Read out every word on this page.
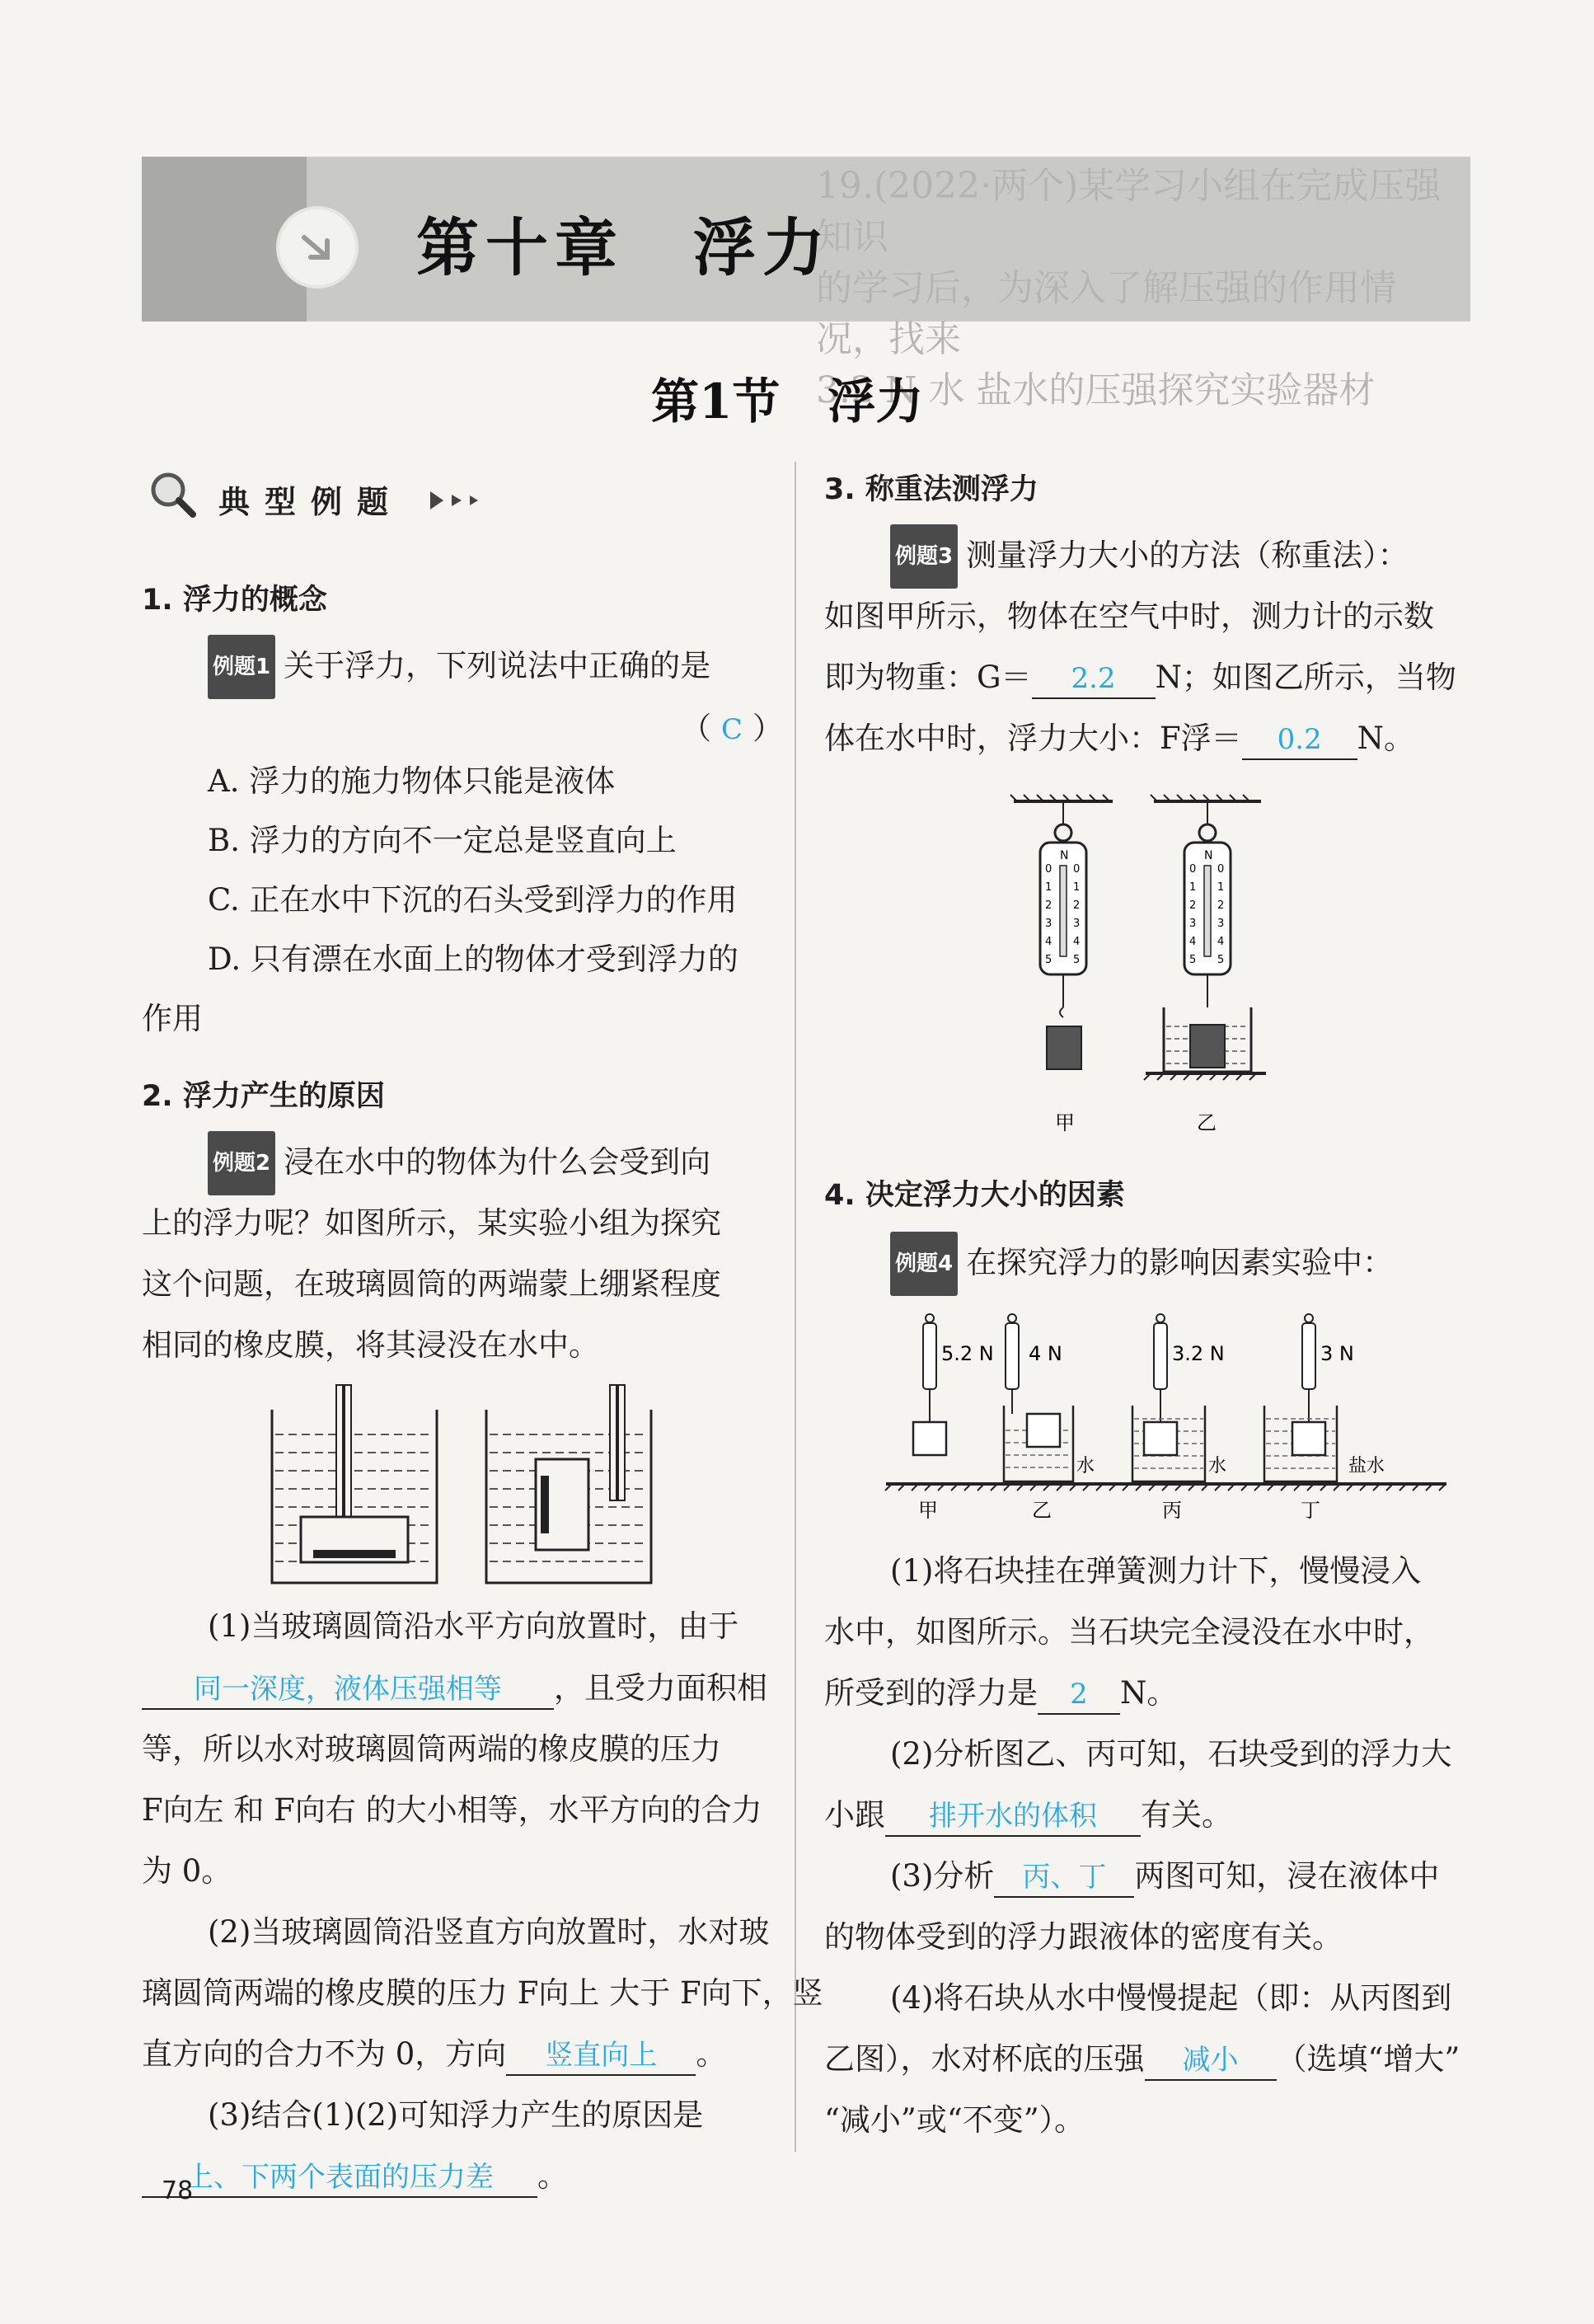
19.(2022·两个)某学习小组在完成压强知识
的学习后，为深入了解压强的作用情况，找来
3.2 N 水 盐水的压强探究实验器材
第十章　浮力
第1节　浮力
典型例题
1. 浮力的概念
例题1 关于浮力，下列说法中正确的是
（ C ）
A. 浮力的施力物体只能是液体
B. 浮力的方向不一定总是竖直向上
C. 正在水中下沉的石头受到浮力的作用
D. 只有漂在水面上的物体才受到浮力的
作用
2. 浮力产生的原因
例题2 浸在水中的物体为什么会受到向
上的浮力呢？如图所示，某实验小组为探究
这个问题，在玻璃圆筒的两端蒙上绷紧程度
相同的橡皮膜，将其浸没在水中。
(1)当玻璃圆筒沿水平方向放置时，由于
同一深度，液体压强相等 ，且受力面积相
等，所以水对玻璃圆筒两端的橡皮膜的压力
F向左 和 F向右 的大小相等，水平方向的合力
为 0。
(2)当玻璃圆筒沿竖直方向放置时，水对玻
璃圆筒两端的橡皮膜的压力 F向上 大于 F向下，竖
直方向的合力不为 0，方向 竖直向上 。
(3)结合(1)(2)可知浮力产生的原因是
上、下两个表面的压力差 。
78
3. 称重法测浮力
例题3 测量浮力大小的方法（称重法）：
如图甲所示，物体在空气中时，测力计的示数
即为物重：G＝ 2.2 N；如图乙所示，当物
体在水中时，浮力大小：F浮＝ 0.2 N。
N
0 0
1 1
2 2
3 3
4 4
5 5
甲
N
0 0
1 1
2 2
3 3
4 4
5 5
乙
4. 决定浮力大小的因素
例题4 在探究浮力的影响因素实验中：
5.2 N
甲
4 N
水
乙
3.2 N
水
丙
3 N
盐水
丁
(1)将石块挂在弹簧测力计下，慢慢浸入
水中，如图所示。当石块完全浸没在水中时，
所受到的浮力是 2 N。
(2)分析图乙、丙可知，石块受到的浮力大
小跟 排开水的体积 有关。
(3)分析 丙、丁 两图可知，浸在液体中
的物体受到的浮力跟液体的密度有关。
(4)将石块从水中慢慢提起（即：从丙图到
乙图），水对杯底的压强 减小 （选填“增大”
“减小”或“不变”）。
